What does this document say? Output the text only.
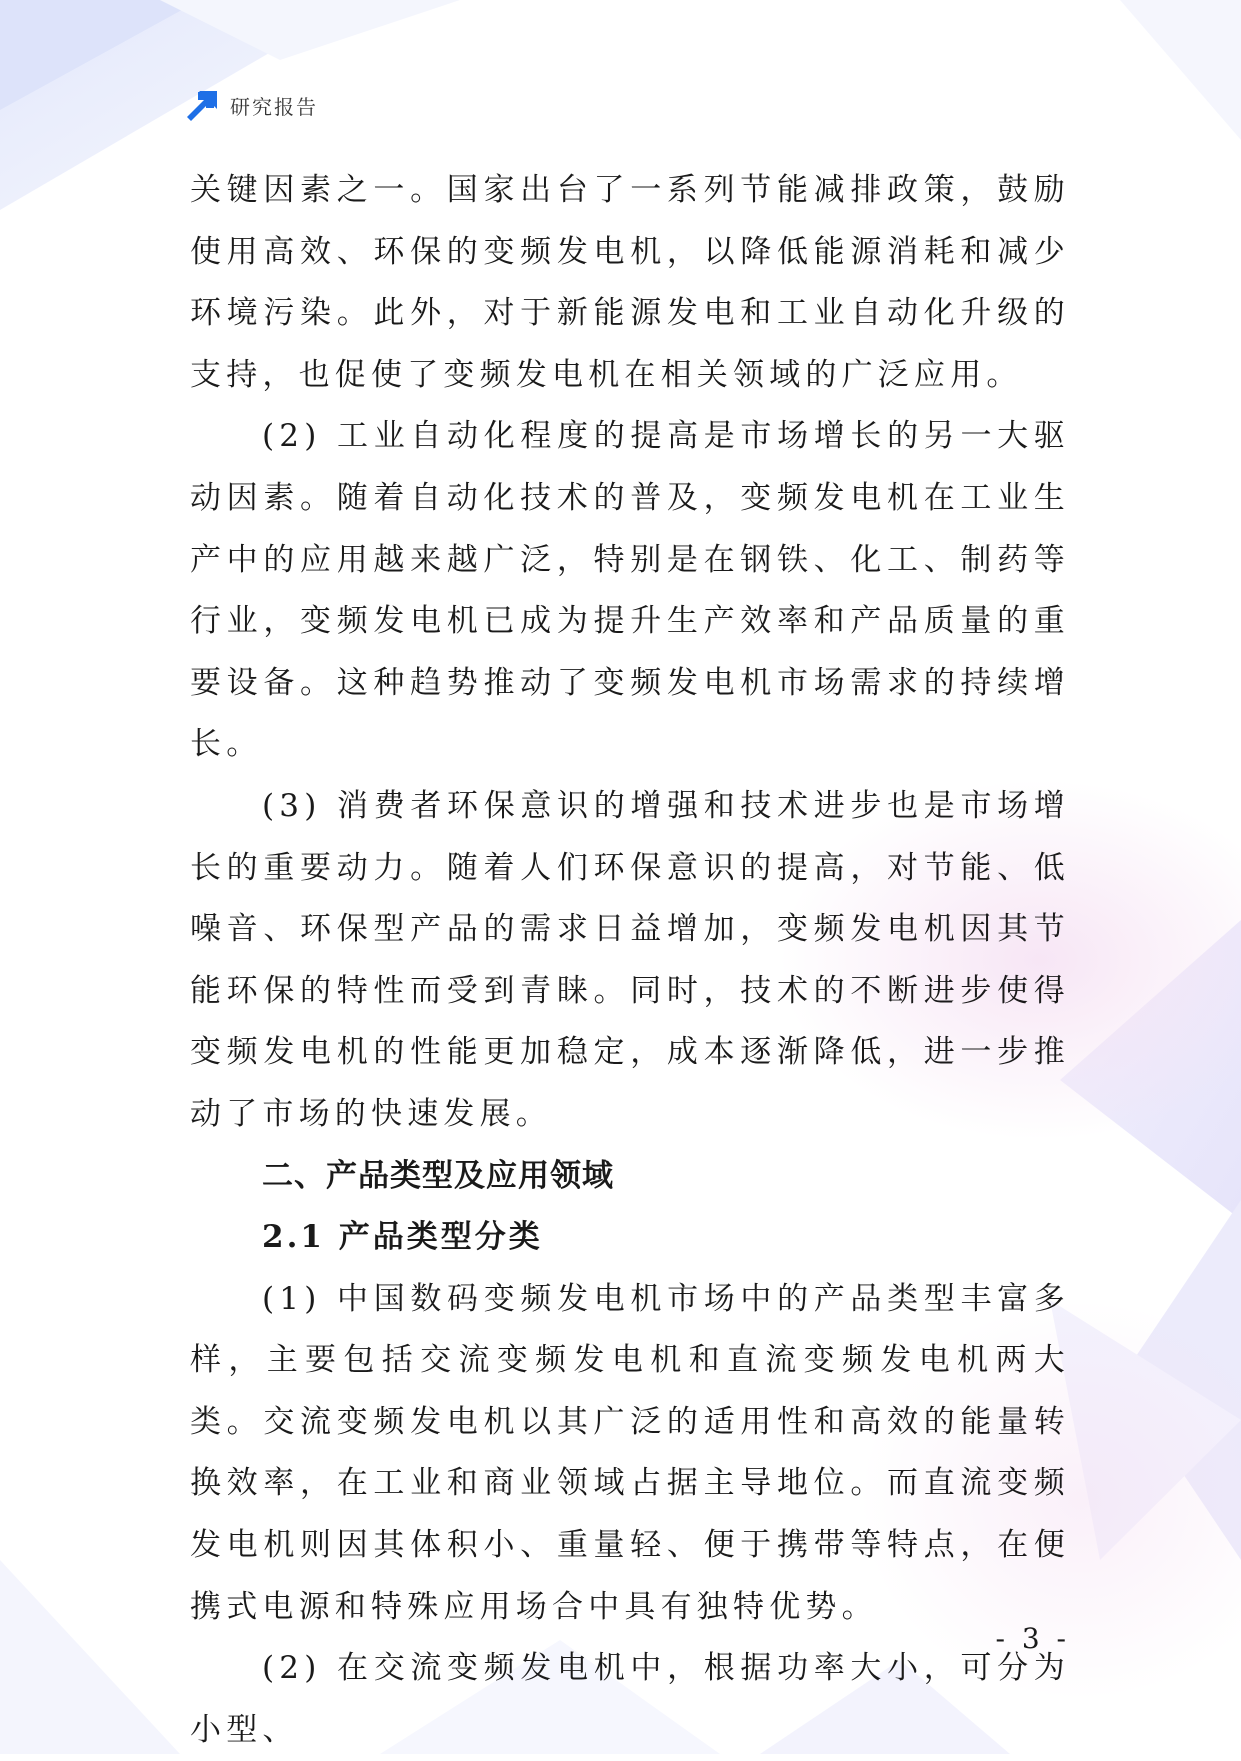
研究报告

关键因素之一。国家出台了一系列节能减排政策，鼓励使用高效、环保的变频发电机，以降低能源消耗和减少环境污染。此外，对于新能源发电和工业自动化升级的支持，也促使了变频发电机在相关领域的广泛应用。

(2) 工业自动化程度的提高是市场增长的另一大驱动因素。随着自动化技术的普及，变频发电机在工业生产中的应用越来越广泛，特别是在钢铁、化工、制药等行业，变频发电机已成为提升生产效率和产品质量的重要设备。这种趋势推动了变频发电机市场需求的持续增长。

(3) 消费者环保意识的增强和技术进步也是市场增长的重要动力。随着人们环保意识的提高，对节能、低噪音、环保型产品的需求日益增加，变频发电机因其节能环保的特性而受到青睐。同时，技术的不断进步使得变频发电机的性能更加稳定，成本逐渐降低，进一步推动了市场的快速发展。

二、产品类型及应用领域
2.1 产品类型分类

(1) 中国数码变频发电机市场中的产品类型丰富多样，主要包括交流变频发电机和直流变频发电机两大类。交流变频发电机以其广泛的适用性和高效的能量转换效率，在工业和商业领域占据主导地位。而直流变频发电机则因其体积小、重量轻、便于携带等特点，在便携式电源和特殊应用场合中具有独特优势。

(2) 在交流变频发电机中，根据功率大小，可分为小型、

- 3 -
